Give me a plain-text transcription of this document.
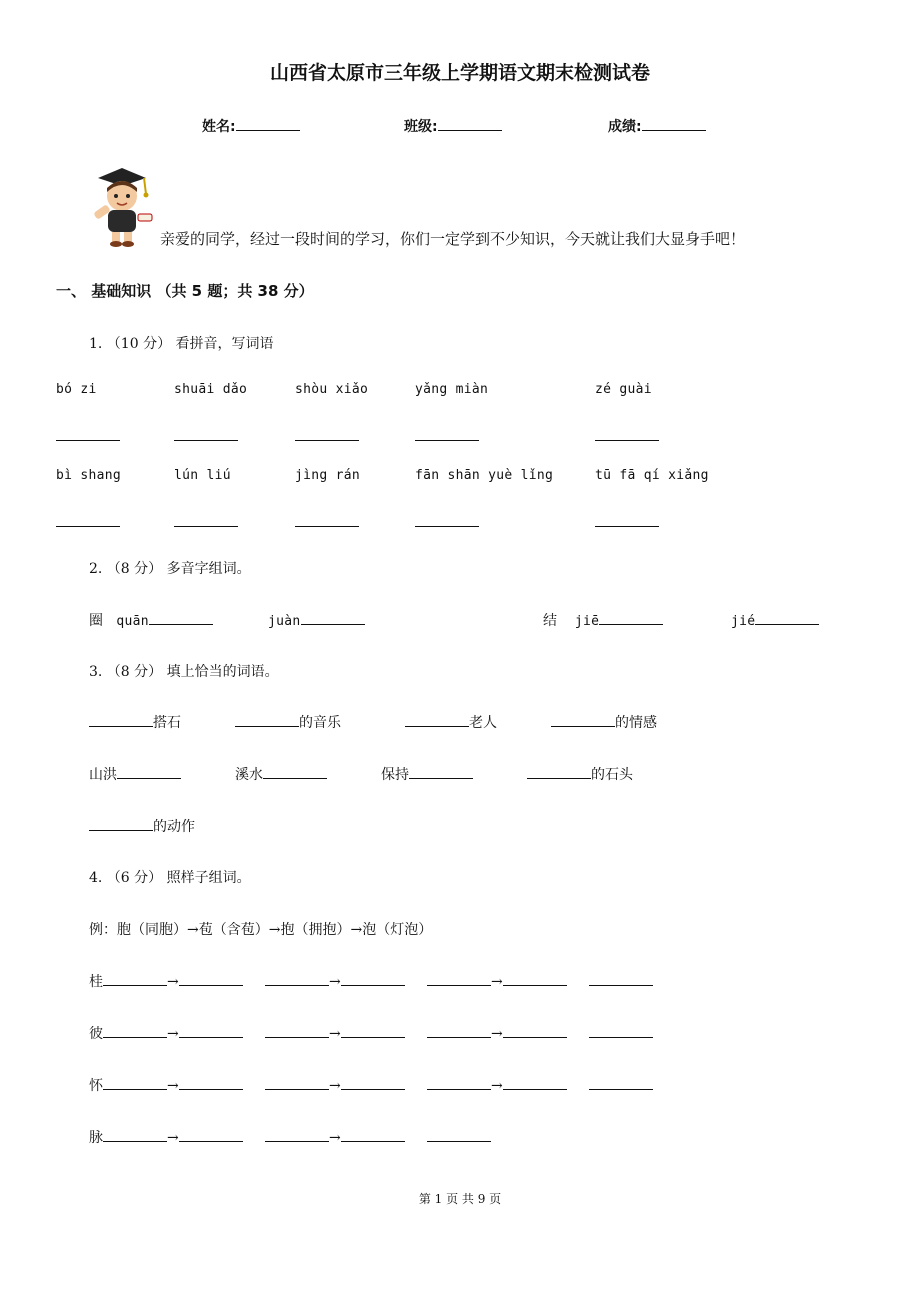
山西省太原市三年级上学期语文期末检测试卷
姓名:	班级:	成绩:
亲爱的同学，经过一段时间的学习，你们一定学到不少知识，今天就让我们大显身手吧！
一、 基础知识 （共 5 题；共 38 分）
1. （10 分） 看拼音，写词语
bó zi	shuāi dǎo	shòu xiǎo	yǎng miàn	zé guài
bì shang	lún liú	jìng rán	fān shān yuè lǐng	tū fā qí xiǎng
2. （8 分） 多音字组词。
圈 quān	juàn	结 jiē	jié
3. （8 分） 填上恰当的词语。
搭石	的音乐	老人	的情感
山洪	溪水	保持	的石头
的动作
4. （6 分） 照样子组词。
例：胞（同胞）→苞（含苞）→抱（拥抱）→泡（灯泡）
桂	→	→	→
彼	→	→	→
怀	→	→	→
脉	→	→
第 1 页 共 9 页
